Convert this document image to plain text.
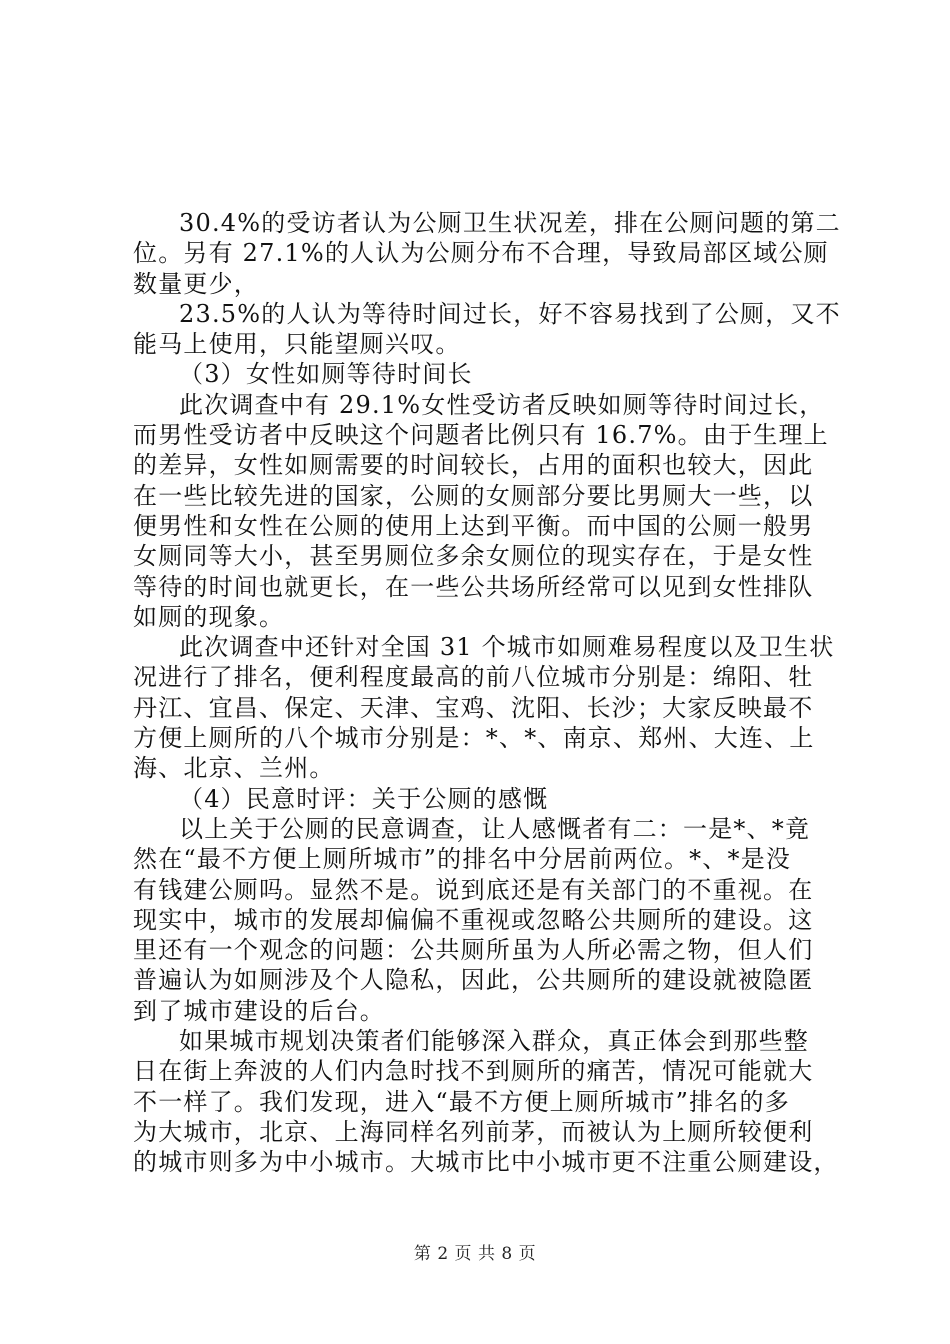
30.4%的受访者认为公厕卫生状况差，排在公厕问题的第二
位。另有 27.1%的人认为公厕分布不合理，导致局部区域公厕
数量更少，
23.5%的人认为等待时间过长，好不容易找到了公厕，又不
能马上使用，只能望厕兴叹。
（3）女性如厕等待时间长
此次调查中有 29.1%女性受访者反映如厕等待时间过长，
而男性受访者中反映这个问题者比例只有 16.7%。由于生理上
的差异，女性如厕需要的时间较长，占用的面积也较大，因此
在一些比较先进的国家，公厕的女厕部分要比男厕大一些，以
便男性和女性在公厕的使用上达到平衡。而中国的公厕一般男
女厕同等大小，甚至男厕位多余女厕位的现实存在，于是女性
等待的时间也就更长，在一些公共场所经常可以见到女性排队
如厕的现象。
此次调查中还针对全国 31 个城市如厕难易程度以及卫生状
况进行了排名，便利程度最高的前八位城市分别是：绵阳、牡
丹江、宜昌、保定、天津、宝鸡、沈阳、长沙；大家反映最不
方便上厕所的八个城市分别是：*、*、南京、郑州、大连、上
海、北京、兰州。
（4）民意时评：关于公厕的感慨
以上关于公厕的民意调查，让人感慨者有二：一是*、*竟
然在“最不方便上厕所城市”的排名中分居前两位。*、*是没
有钱建公厕吗。显然不是。说到底还是有关部门的不重视。在
现实中，城市的发展却偏偏不重视或忽略公共厕所的建设。这
里还有一个观念的问题：公共厕所虽为人所必需之物，但人们
普遍认为如厕涉及个人隐私，因此，公共厕所的建设就被隐匿
到了城市建设的后台。
如果城市规划决策者们能够深入群众，真正体会到那些整
日在街上奔波的人们内急时找不到厕所的痛苦，情况可能就大
不一样了。我们发现，进入“最不方便上厕所城市”排名的多
为大城市，北京、上海同样名列前茅，而被认为上厕所较便利
的城市则多为中小城市。大城市比中小城市更不注重公厕建设，
第 2 页 共 8 页
